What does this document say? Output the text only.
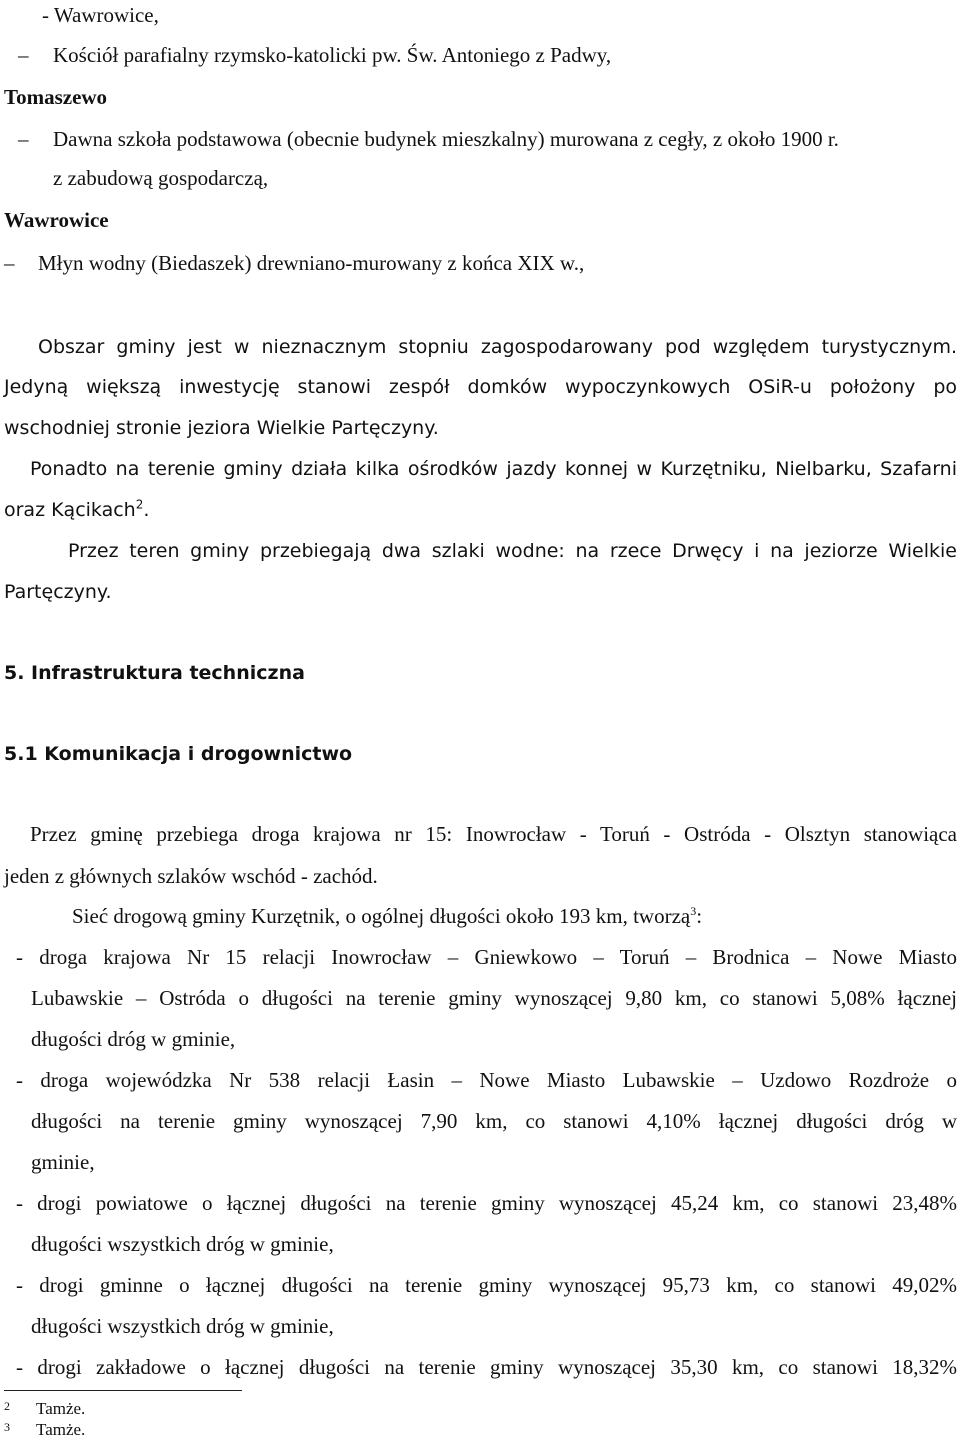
- Wawrowice,
– Kościół parafialny rzymsko-katolicki pw. Św. Antoniego z Padwy,
Tomaszewo
– Dawna szkoła podstawowa (obecnie budynek mieszkalny) murowana z cegły, z około 1900 r.
z zabudową gospodarczą,
Wawrowice
– Młyn wodny (Biedaszek) drewniano-murowany z końca XIX w.,
Obszar gminy jest w nieznacznym stopniu zagospodarowany pod względem turystycznym.
Jedyną większą inwestycję stanowi zespół domków wypoczynkowych OSiR-u położony po
wschodniej stronie jeziora Wielkie Partęczyny.
Ponadto na terenie gminy działa kilka ośrodków jazdy konnej w Kurzętniku, Nielbarku, Szafarni
oraz Kącikach$^2$.
Przez teren gminy przebiegają dwa szlaki wodne: na rzece Drwęcy i na jeziorze Wielkie
Partęczyny.
5. Infrastruktura techniczna
5.1 Komunikacja i drogownictwo
Przez gminę przebiega droga krajowa nr 15: Inowrocław - Toruń - Ostróda - Olsztyn stanowiąca
jeden z głównych szlaków wschód - zachód.
Sieć drogową gminy Kurzętnik, o ogólnej długości około 193 km, tworzą$^3$:
- droga krajowa Nr 15 relacji Inowrocław – Gniewkowo – Toruń – Brodnica – Nowe Miasto
Lubawskie – Ostróda o długości na terenie gminy wynoszącej 9,80 km, co stanowi 5,08% łącznej
długości dróg w gminie,
- droga wojewódzka Nr 538 relacji Łasin – Nowe Miasto Lubawskie – Uzdowo Rozdroże o
długości na terenie gminy wynoszącej 7,90 km, co stanowi 4,10% łącznej długości dróg w
gminie,
- drogi powiatowe o łącznej długości na terenie gminy wynoszącej 45,24 km, co stanowi 23,48%
długości wszystkich dróg w gminie,
- drogi gminne o łącznej długości na terenie gminy wynoszącej 95,73 km, co stanowi 49,02%
długości wszystkich dróg w gminie,
- drogi zakładowe o łącznej długości na terenie gminy wynoszącej 35,30 km, co stanowi 18,32%
2 Tamże.
3 Tamże.
